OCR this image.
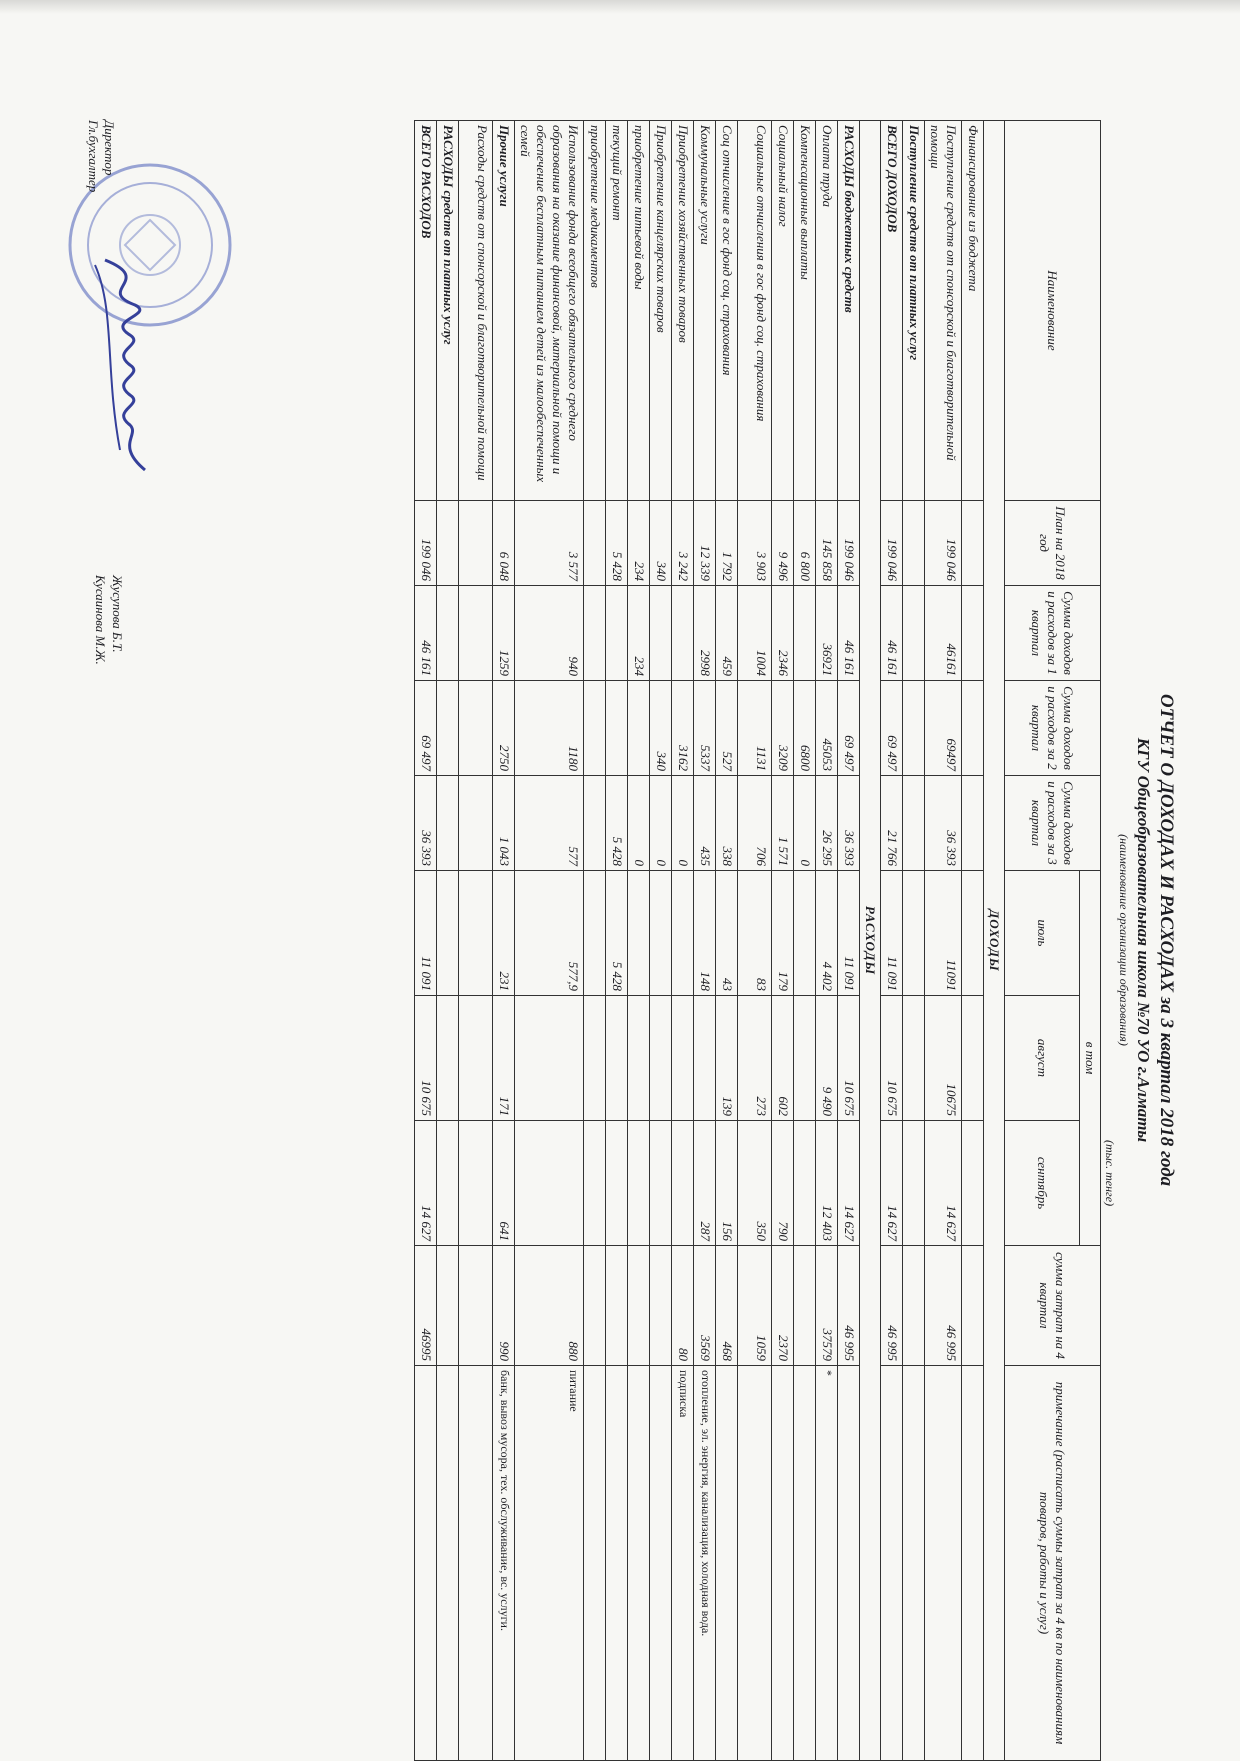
ОТЧЕТ О ДОХОДАХ И РАСХОДАХ за 3 квартал 2018 года
КГУ Общеобразовательная школа №70 УО г.Алматы
(наименование организации образования)
(тыс. тенге)
Наименование	План на 2018 год	Сумма доходов и расходов за 1 квартал	Сумма доходов и расходов за 2 квартал	Сумма доходов и расходов за 3 квартал	в том			сумма затрат на 4 квартал	примечание (расписать суммы затрат за 4 кв по наименованиям товаров, работы и услуг)
					июль	август	сентябрь		
ДОХОДЫ									
Финансирование из бюджета									
Поступление средств от спонсорской и благотворительной помощи	199 046	46161	69497	36 393	11091	10675	14 627	46 995	
Поступление средств от платных услуг									
ВСЕГО ДОХОДОВ	199 046	46 161	69 497	21 766	11 091	10 675	14 627	46 995	
РАСХОДЫ									
РАСХОДЫ бюджетных средств	199 046	46 161	69 497	36 393	11 091	10 675	14 627	46 995	
Оплата труда	145 858	36921	45053	26 295	4 402	9 490	12 403	37579	*
Компенсационные выплаты	6 800		6800	0					
Социальный налог	9 496	2346	3209	1 571	179	602	790	2370	
Социальные отчисления в гос фонд соц. страхования	3 903	1004	1131	706	83	273	350	1059	
Соц отчисление в гос фонд соц. страхования	1 792	459	527	338	43	139	156	468	
Коммунальные услуги	12 339	2998	5337	435	148		287	3569	отопление, эл. энергия, канализация, холодная вода.
Приобретение хозяйственных товаров	3 242		3162	0				80	подписка
Приобретение канцелярских товаров	340		340	0					
приобретение питьевой воды	234	234		0					
текущий ремонт	5 428			5 428	5 428				
приобретение медикаментов									
Использование фонда всеобщего обязательного среднего образования на оказание финансовой, материальной помощи и обеспечение бесплатным питанием детей из малообеспеченных семей	3 577	940	1180	577	577,9			880	питание
Прочие услуги	6 048	1259	2750	1 043	231	171	641	990	банк, вывоз мусора, тех. обслуживание, вс. услуги.
Расходы средств от спонсорской и благотворительной помощи									
РАСХОДЫ средств от платных услуг									
ВСЕГО РАСХОДОВ	199 046	46 161	69 497	36 393	11 091	10 675	14 627	46995	
Директор
Гл.бухгалтер
Жусупова Б.Т.
Кусаинова М.Ж.
